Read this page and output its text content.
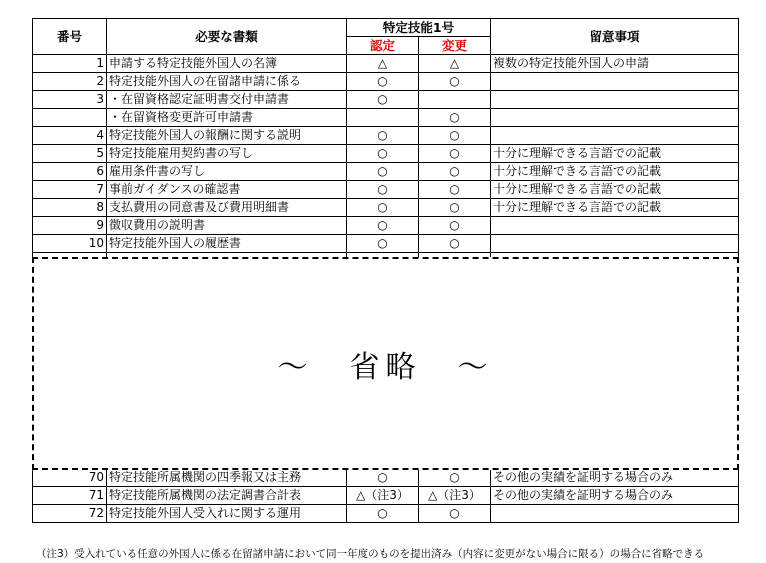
番号	必要な書類	特定技能1号		留意事項
		認定	変更	
1	申請する特定技能外国人の名簿	△	△	複数の特定技能外国人の申請
2	特定技能外国人の在留諸申請に係る	○	○	
3	・在留資格認定証明書交付申請書	○		
	・在留資格変更許可申請書		○	
4	特定技能外国人の報酬に関する説明	○	○	
5	特定技能雇用契約書の写し	○	○	十分に理解できる言語での記載
6	雇用条件書の写し	○	○	十分に理解できる言語での記載
7	事前ガイダンスの確認書	○	○	十分に理解できる言語での記載
8	支払費用の同意書及び費用明細書	○	○	十分に理解できる言語での記載
9	徴収費用の説明書	○	○	
10	特定技能外国人の履歴書	○	○	

70	特定技能所属機関の四季報又は主務	○	○	その他の実績を証明する場合のみ
71	特定技能所属機関の法定調書合計表	△（注3）	△（注3）	その他の実績を証明する場合のみ
72	特定技能外国人受入れに関する運用	○	○	
～　省略　～
（注3）受入れている任意の外国人に係る在留諸申請において同一年度のものを提出済み（内容に変更がない場合に限る）の場合に省略できる
